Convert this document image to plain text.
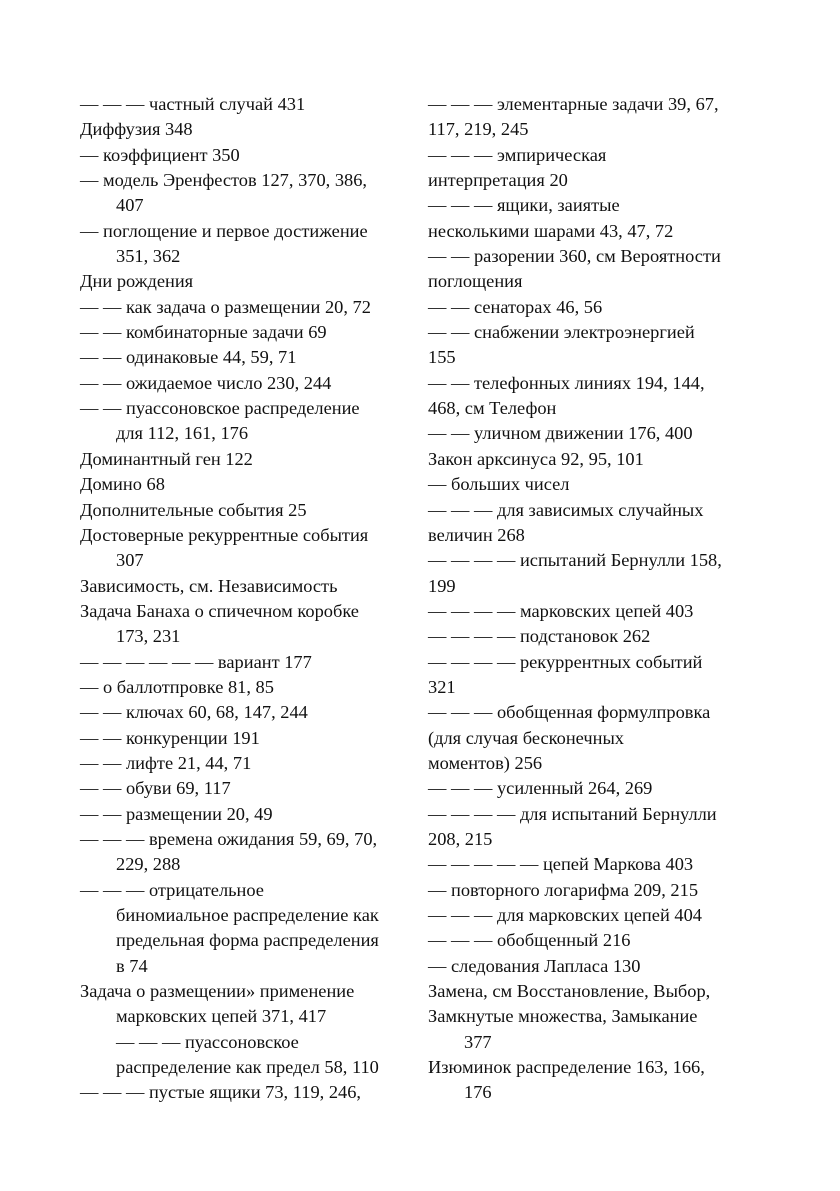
— — — частный случай 431
Диффузия 348
— коэффициент 350
— модель Эренфестов 127, 370, 386,
407
— поглощение и первое достижение
351, 362
Дни рождения
— — как задача о размещении 20, 72
— — комбинаторные задачи 69
— — одинаковые 44, 59, 71
— — ожидаемое число 230, 244
— — пуассоновское распределение
для 112, 161, 176
Доминантный ген 122
Домино 68
Дополнительные события 25
Достоверные рекуррентные события
307
Зависимость, см. Независимость
Задача Банаха о спичечном коробке
173, 231
— — — — — — вариант 177
— о баллотпровке 81, 85
— — ключах 60, 68, 147, 244
— — конкуренции 191
— — лифте 21, 44, 71
— — обуви 69, 117
— — размещении 20, 49
— — — времена ожидания 59, 69, 70,
229, 288
— — — отрицательное
биномиальное распределение как
предельная форма распределения
в 74
Задача о размещении» применение
марковских цепей 371, 417
— — — пуассоновское
распределение как предел 58, 110
— — — пустые ящики 73, 119, 246,
— — — элементарные задачи 39, 67,
117, 219, 245
— — — эмпирическая
интерпретация 20
— — — ящики, заиятые
несколькими шарами 43, 47, 72
— — разорении 360, см Вероятности
поглощения
— — сенаторах 46, 56
— — снабжении электроэнергией
155
— — телефонных линиях 194, 144,
468, см Телефон
— — уличном движении 176, 400
Закон арксинуса 92, 95, 101
— больших чисел
— — — для зависимых случайных
величин 268
— — — — испытаний Бернулли 158,
199
— — — — марковских цепей 403
— — — — подстановок 262
— — — — рекуррентных событий
321
— — — обобщенная формулпровка
(для случая бесконечных
моментов) 256
— — — усиленный 264, 269
— — — — для испытаний Бернулли
208, 215
— — — — — цепей Маркова 403
— повторного логарифма 209, 215
— — — для марковских цепей 404
— — — обобщенный 216
— следования Лапласа 130
Замена, см Восстановление, Выбор,
Замкнутые множества, Замыкание
377
Изюминок распределение 163, 166,
176
